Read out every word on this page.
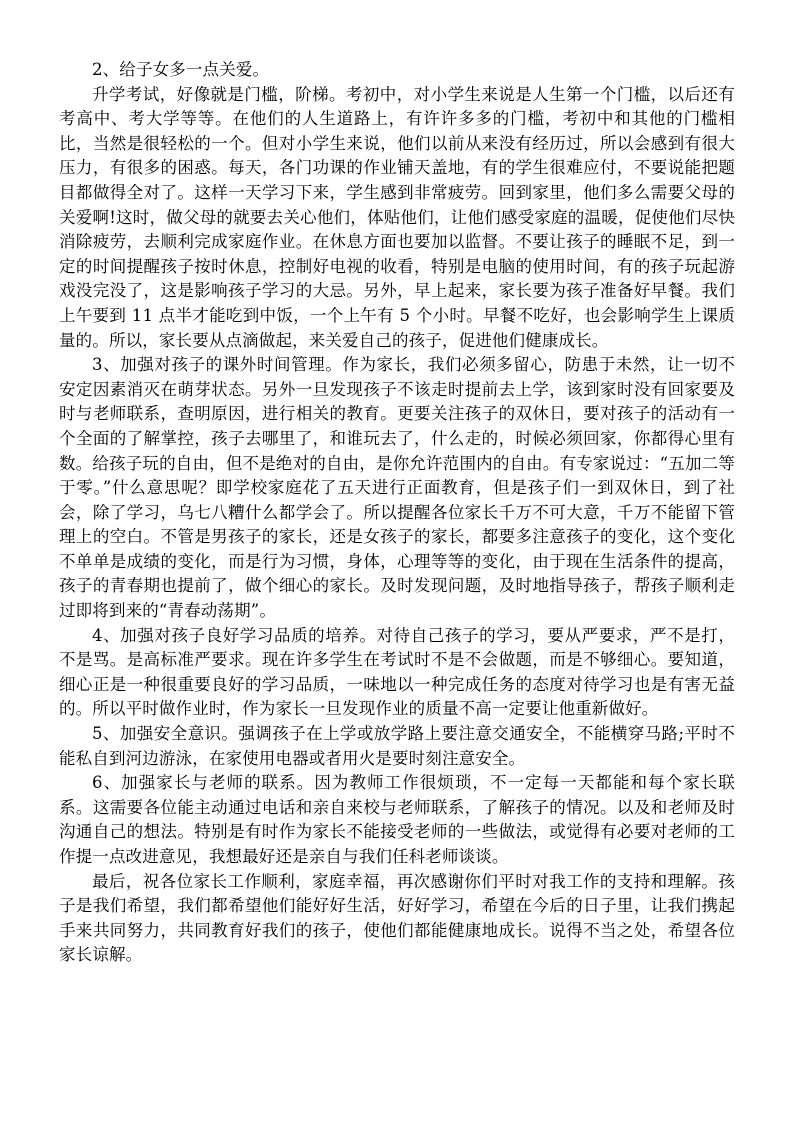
2、给子女多一点关爱。

升学考试，好像就是门槛，阶梯。考初中，对小学生来说是人生第一个门槛，以后还有考高中、考大学等等。在他们的人生道路上，有许许多多的门槛，考初中和其他的门槛相比，当然是很轻松的一个。但对小学生来说，他们以前从来没有经历过，所以会感到有很大压力，有很多的困惑。每天，各门功课的作业铺天盖地，有的学生很难应付，不要说能把题目都做得全对了。这样一天学习下来，学生感到非常疲劳。回到家里，他们多么需要父母的关爱啊!这时，做父母的就要去关心他们，体贴他们，让他们感受家庭的温暖，促使他们尽快消除疲劳，去顺利完成家庭作业。在休息方面也要加以监督。不要让孩子的睡眠不足，到一定的时间提醒孩子按时休息，控制好电视的收看，特别是电脑的使用时间，有的孩子玩起游戏没完没了，这是影响孩子学习的大忌。另外，早上起来，家长要为孩子准备好早餐。我们上午要到 11 点半才能吃到中饭，一个上午有 5 个小时。早餐不吃好，也会影响学生上课质量的。所以，家长要从点滴做起，来关爱自己的孩子，促进他们健康成长。

3、加强对孩子的课外时间管理。作为家长，我们必须多留心，防患于未然，让一切不安定因素消灭在萌芽状态。另外一旦发现孩子不该走时提前去上学，该到家时没有回家要及时与老师联系，查明原因，进行相关的教育。更要关注孩子的双休日，要对孩子的活动有一个全面的了解掌控，孩子去哪里了，和谁玩去了，什么走的，时候必须回家，你都得心里有数。给孩子玩的自由，但不是绝对的自由，是你允许范围内的自由。有专家说过：“五加二等于零。”什么意思呢？即学校家庭花了五天进行正面教育，但是孩子们一到双休日，到了社会，除了学习，乌七八糟什么都学会了。所以提醒各位家长千万不可大意，千万不能留下管理上的空白。不管是男孩子的家长，还是女孩子的家长，都要多注意孩子的变化，这个变化不单单是成绩的变化，而是行为习惯，身体，心理等等的变化，由于现在生活条件的提高，孩子的青春期也提前了，做个细心的家长。及时发现问题，及时地指导孩子，帮孩子顺利走过即将到来的“青春动荡期”。

4、加强对孩子良好学习品质的培养。对待自己孩子的学习，要从严要求，严不是打，不是骂。是高标准严要求。现在许多学生在考试时不是不会做题，而是不够细心。要知道，细心正是一种很重要良好的学习品质，一味地以一种完成任务的态度对待学习也是有害无益的。所以平时做作业时，作为家长一旦发现作业的质量不高一定要让他重新做好。

5、加强安全意识。强调孩子在上学或放学路上要注意交通安全，不能横穿马路;平时不能私自到河边游泳，在家使用电器或者用火是要时刻注意安全。

6、加强家长与老师的联系。因为教师工作很烦琐，不一定每一天都能和每个家长联系。这需要各位能主动通过电话和亲自来校与老师联系，了解孩子的情况。以及和老师及时沟通自己的想法。特别是有时作为家长不能接受老师的一些做法，或觉得有必要对老师的工作提一点改进意见，我想最好还是亲自与我们任科老师谈谈。

最后，祝各位家长工作顺利，家庭幸福，再次感谢你们平时对我工作的支持和理解。孩子是我们希望，我们都希望他们能好好生活，好好学习，希望在今后的日子里，让我们携起手来共同努力，共同教育好我们的孩子，使他们都能健康地成长。说得不当之处，希望各位家长谅解。
